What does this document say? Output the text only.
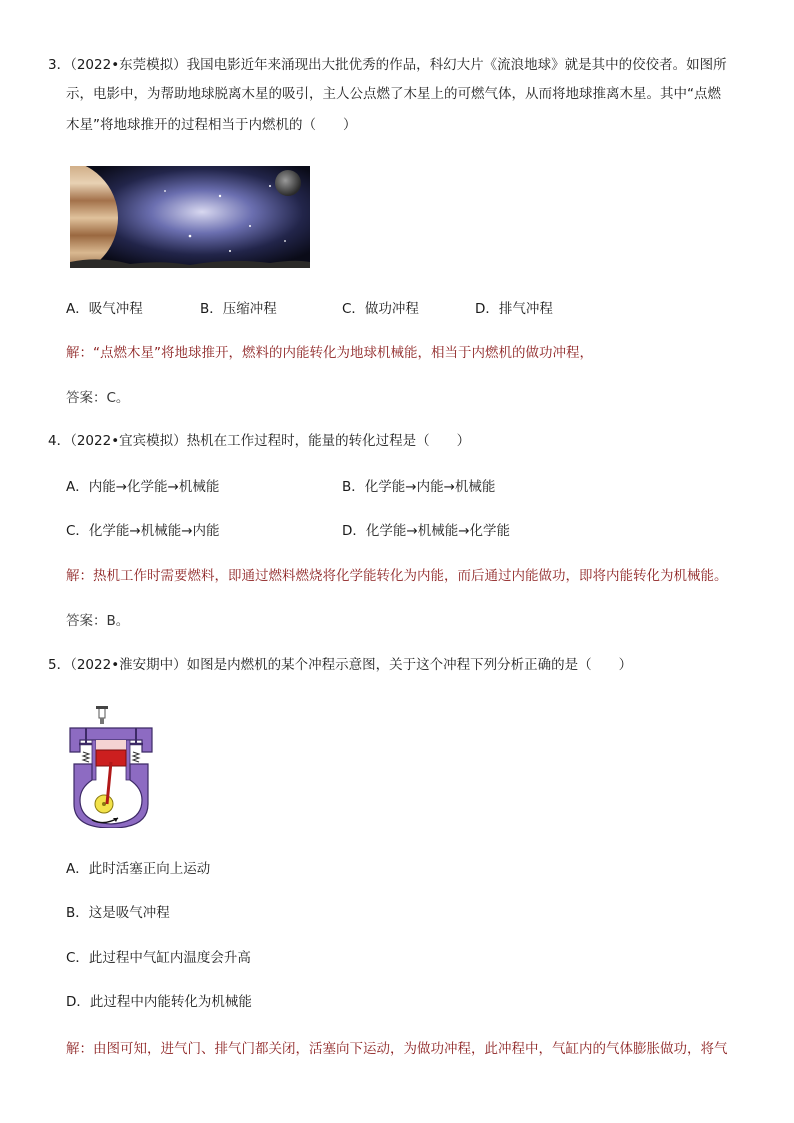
3．（2022•东莞模拟）我国电影近年来涌现出大批优秀的作品，科幻大片《流浪地球》就是其中的佼佼者。如图所
示，电影中，为帮助地球脱离木星的吸引，主人公点燃了木星上的可燃气体，从而将地球推离木星。其中“点燃
木星”将地球推开的过程相当于内燃机的（　　）
A．吸气冲程	B．压缩冲程	C．做功冲程	D．排气冲程
解：“点燃木星”将地球推开，燃料的内能转化为地球机械能，相当于内燃机的做功冲程，
答案：C。
4．（2022•宜宾模拟）热机在工作过程时，能量的转化过程是（　　）
A．内能→化学能→机械能	B．化学能→内能→机械能
C．化学能→机械能→内能	D．化学能→机械能→化学能
解：热机工作时需要燃料，即通过燃料燃烧将化学能转化为内能，而后通过内能做功，即将内能转化为机械能。
答案：B。
5．（2022•淮安期中）如图是内燃机的某个冲程示意图，关于这个冲程下列分析正确的是（　　）
A．此时活塞正向上运动
B．这是吸气冲程
C．此过程中气缸内温度会升高
D．此过程中内能转化为机械能
解：由图可知，进气门、排气门都关闭，活塞向下运动，为做功冲程，此冲程中，气缸内的气体膨胀做功，将气
